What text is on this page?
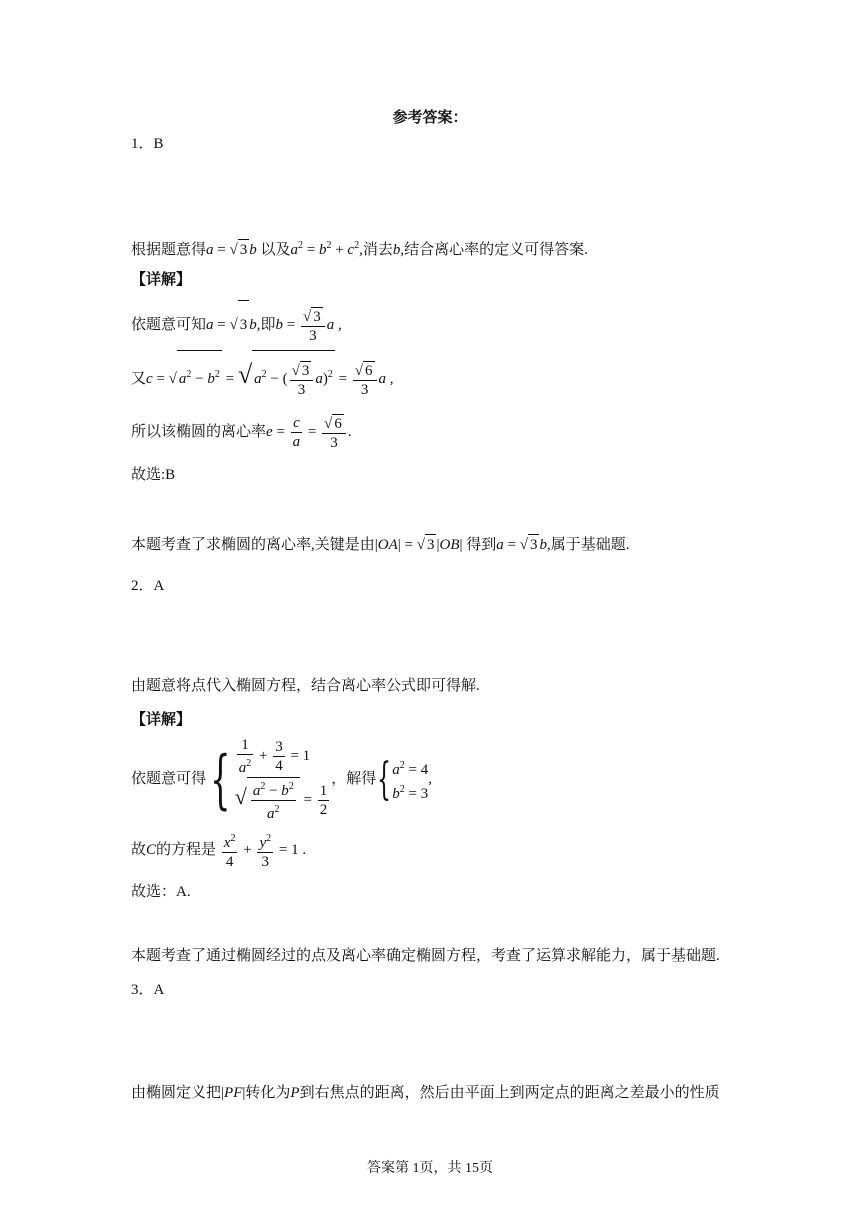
参考答案：
1．B
根据题意得a = √ 3 b 以及$a^2 = b^2 + c^2$,消去b,结合离心率的定义可得答案.
【详解】
依题意可知a = √ 3 b,即$b = \frac{√ 3}{3}$ a ,
又c = √ $a^2 - b^2$ = √ $a^2$ − ( $\frac{√ 3}{3} a)^2 = \frac{√ 6}{3}$ a ,
所以该椭圆的离心率$e = \frac{c}{a} = \frac{√ 6}{3}$ .
故选:B
本题考查了求椭圆的离心率,关键是由|OA| = √ 3 |OB| 得到a = √ 3 b,属于基础题.
2．A
由题意将点代入椭圆方程，结合离心率公式即可得解.
【详解】
依题意可得{ $\frac{1}{a^2} + \frac{3}{4} = 1$
√ $\frac{a^2 - b^2}{a^2} = \frac{1}{2}$
，解得{ $a^2 = 4$
$b^2 = 3$
,
故C的方程是 $\frac{x^2}{4} + \frac{y^2}{3} = 1$ .
故选：A.
本题考查了通过椭圆经过的点及离心率确定椭圆方程，考查了运算求解能力，属于基础题.
3．A
由椭圆定义把|PF|转化为P到右焦点的距离，然后由平面上到两定点的距离之差最小的性质
答案第 1页，共 15页
